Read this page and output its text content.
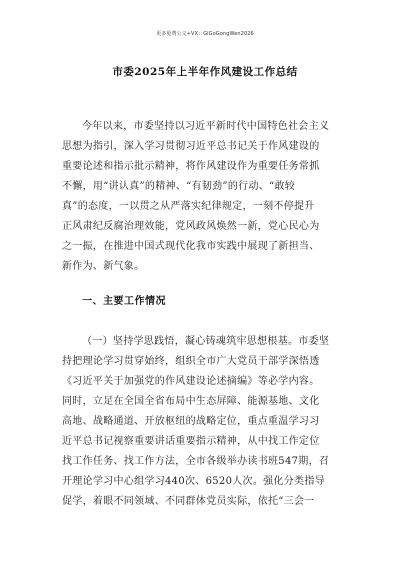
更多免费公文+VX：GiGoGongWen2026
市委2025年上半年作风建设工作总结
今年以来，市委坚持以习近平新时代中国特色社会主义
思想为指引，深入学习贯彻习近平总书记关于作风建设的
重要论述和指示批示精神，将作风建设作为重要任务常抓
不懈，用“讲认真”的精神、“有韧劲”的行动、“敢较
真”的态度，一以贯之从严落实纪律规定，一刻不停提升
正风肃纪反腐治理效能，党风政风焕然一新，党心民心为
之一振，在推进中国式现代化我市实践中展现了新担当、
新作为、新气象。
一、主要工作情况
（一）坚持学思践悟，凝心铸魂筑牢思想根基。市委坚
持把理论学习贯穿始终，组织全市广大党员干部学深悟透
《习近平关于加强党的作风建设论述摘编》等必学内容。
同时，立足在全国全省布局中生态屏障、能源基地、文化
高地、战略通道、开放枢纽的战略定位，重点重温学习习
近平总书记视察重要讲话重要指示精神，从中找工作定位
找工作任务、找工作方法，全市各级举办读书班547期，召
开理论学习中心组学习440次、6520人次。强化分类指导
促学，着眼不同领域、不同群体党员实际，依托“三会一
